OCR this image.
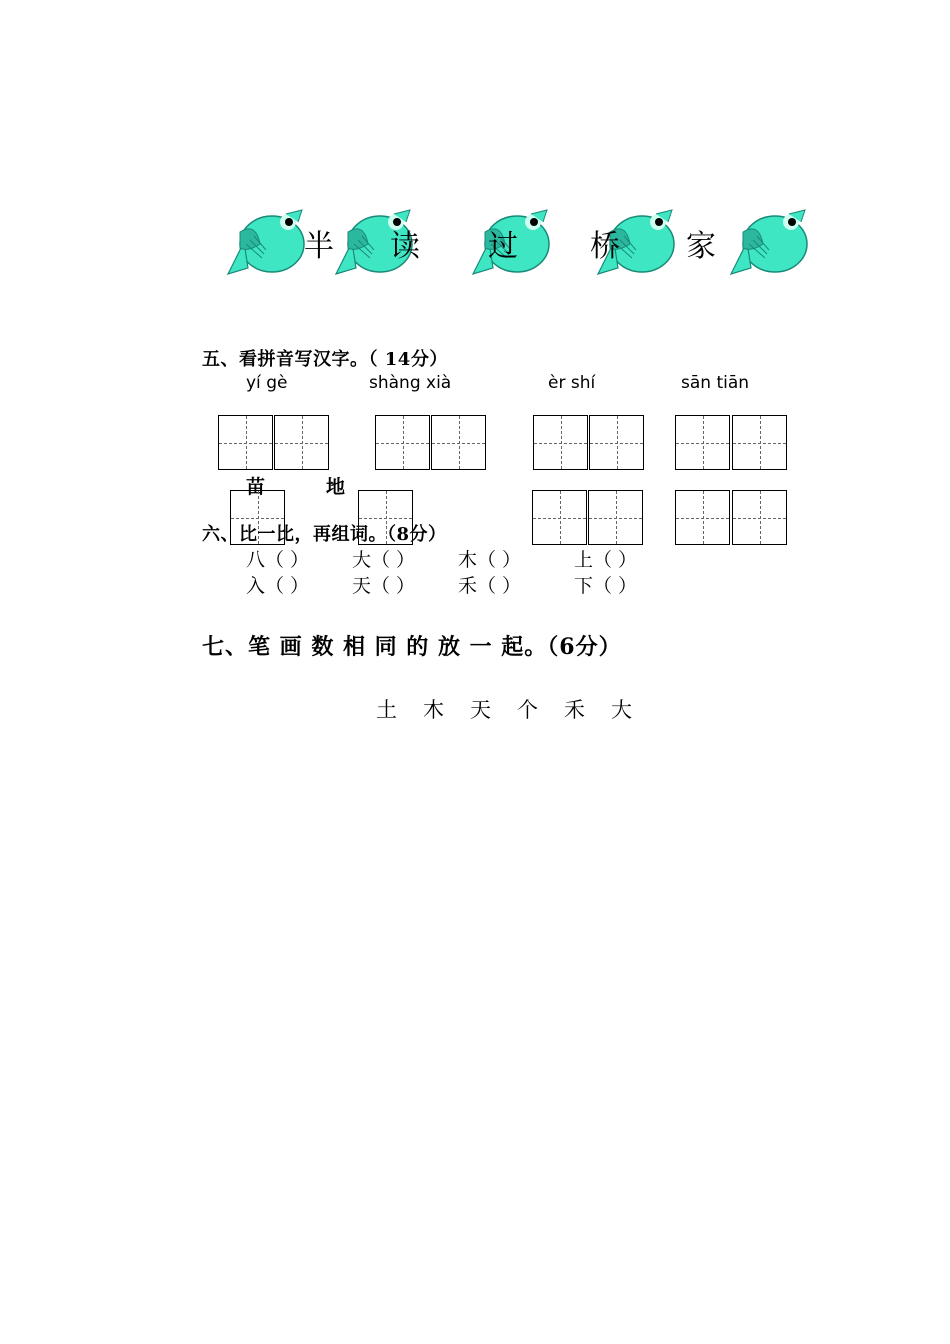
半 读 过 桥 家
五、看拼音写汉字。（ 14分）
yí gè	shàng xià	èr shí	sān tiān
苗	地
六、比一比，再组词。（8分）
八（ ） 大（ ） 木（ ）	上（ ）
入（ ） 天（ ） 禾（ ）	下（ ）
七、笔 画 数 相 同 的 放 一 起。（6分）
土 木 天 个 禾 大
